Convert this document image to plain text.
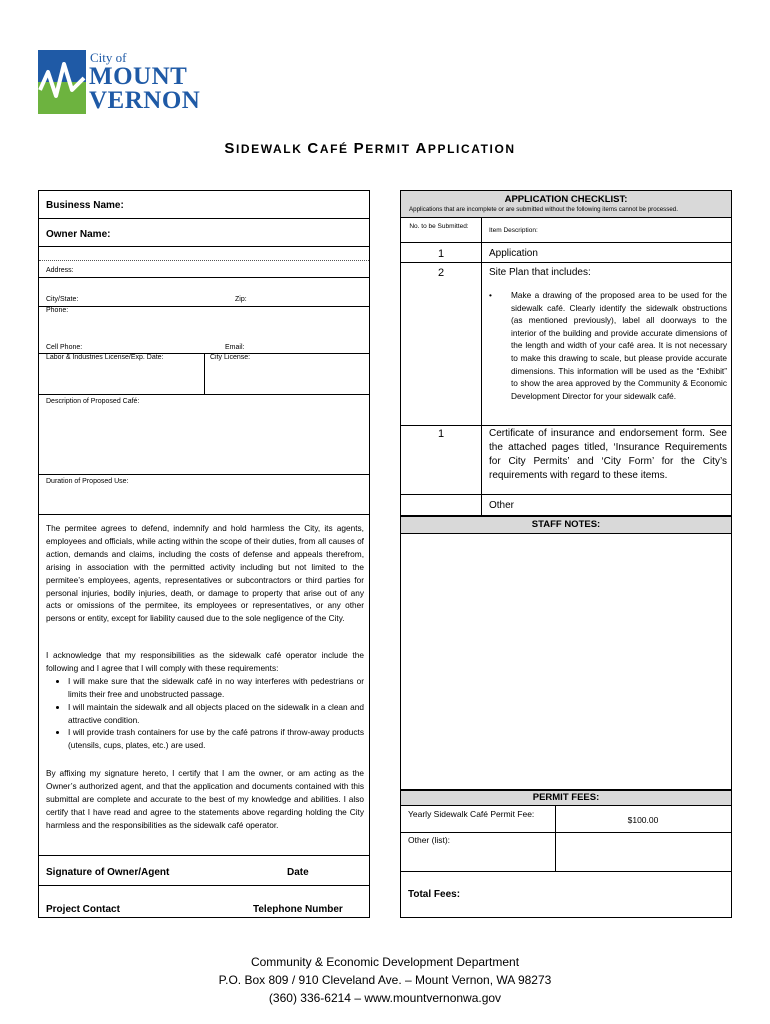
City of
MOUNT
VERNON
SIDEWALK CAFÉ PERMIT APPLICATION
Business Name:
Owner Name:
Address:
City/State:	Zip:
Phone:
Cell Phone:	Email:
Labor & Industries License/Exp. Date:	City License:
Description of Proposed Café:
Duration of Proposed Use:
The permitee agrees to defend, indemnify and hold harmless the City, its agents, employees and officials, while acting within the scope of their duties, from all causes of action, demands and claims, including the costs of defense and appeals therefrom, arising in association with the permitted activity including but not limited to the permitee’s employees, agents, representatives or subcontractors or third parties for personal injuries, bodily injuries, death, or damage to property that arise out of any acts or omissions of the permitee, its employees or representatives, or any other persons or entity, except for liability caused due to the sole negligence of the City.
I acknowledge that my responsibilities as the sidewalk café operator include the following and I agree that I will comply with these requirements:
• I will make sure that the sidewalk café in no way interferes with pedestrians or limits their free and unobstructed passage.
• I will maintain the sidewalk and all objects placed on the sidewalk in a clean and attractive condition.
• I will provide trash containers for use by the café patrons if throw-away products (utensils, cups, plates, etc.) are used.
By affixing my signature hereto, I certify that I am the owner, or am acting as the Owner’s authorized agent, and that the application and documents contained with this submittal are complete and accurate to the best of my knowledge and abilities. I also certify that I have read and agree to the statements above regarding holding the City harmless and the responsibilities as the sidewalk café operator.
Signature of Owner/Agent	Date
Project Contact	Telephone Number
APPLICATION CHECKLIST:
Applications that are incomplete or are submitted without the following items cannot be processed.
No. to be Submitted:
Item Description:
1	Application
2	Site Plan that includes:
• Make a drawing of the proposed area to be used for the sidewalk café. Clearly identify the sidewalk obstructions (as mentioned previously), label all doorways to the interior of the building and provide accurate dimensions of the length and width of your café area. It is not necessary to make this drawing to scale, but please provide accurate dimensions. This information will be used as the “Exhibit” to show the area approved by the Community & Economic Development Director for your sidewalk café.
1	Certificate of insurance and endorsement form. See the attached pages titled, ‘Insurance Requirements for City Permits’ and ‘City Form’ for the City’s requirements with regard to these items.
Other
STAFF NOTES:
PERMIT FEES:
Yearly Sidewalk Café Permit Fee:
$100.00
Other (list):
Total Fees:
Community & Economic Development Department
P.O. Box 809 / 910 Cleveland Ave. – Mount Vernon, WA 98273
(360) 336-6214 – www.mountvernonwa.gov
